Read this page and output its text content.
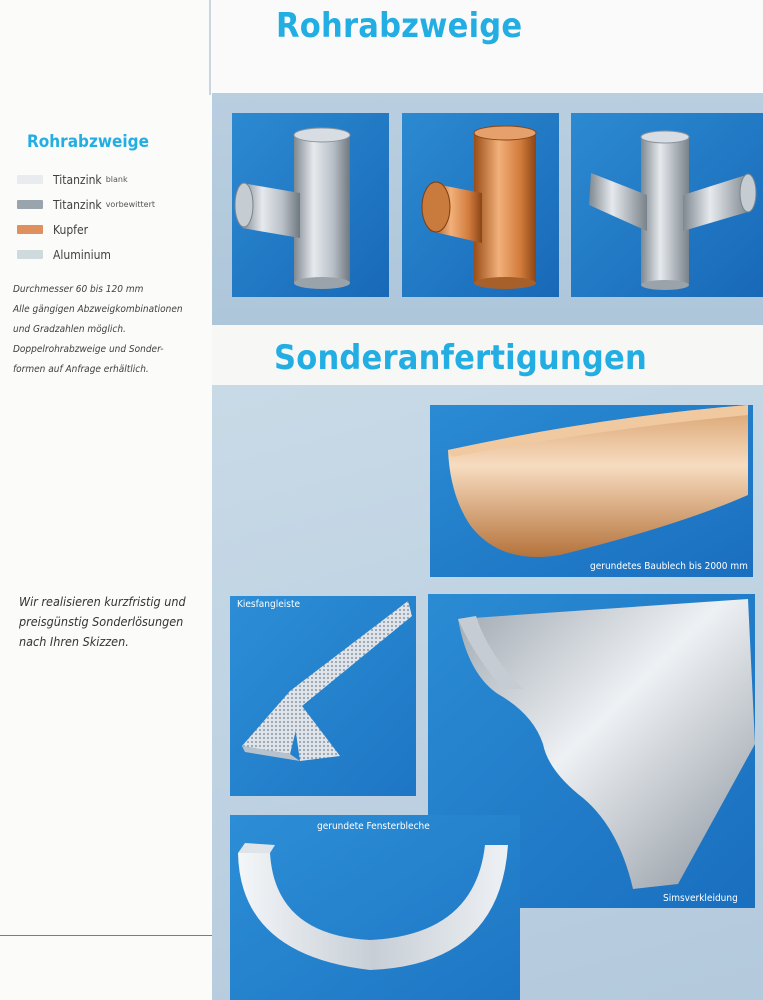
Rohrabzweige
Sonderanfertigungen
Rohrabzweige
Titanzink blank
Titanzink vorbewittert
Kupfer
Aluminium

Durchmesser 60 bis 120 mm
Alle gängigen Abzweigkombinationen
und Gradzahlen möglich.
Doppelrohrabzweige und Sonder-
formen auf Anfrage erhältlich.

Wir realisieren kurzfristig und
preisgünstig Sonderlösungen
nach Ihren Skizzen.

gerundetes Baublech bis 2000 mm
Kiesfangleiste
Simsverkleidung
gerundete Fensterbleche
